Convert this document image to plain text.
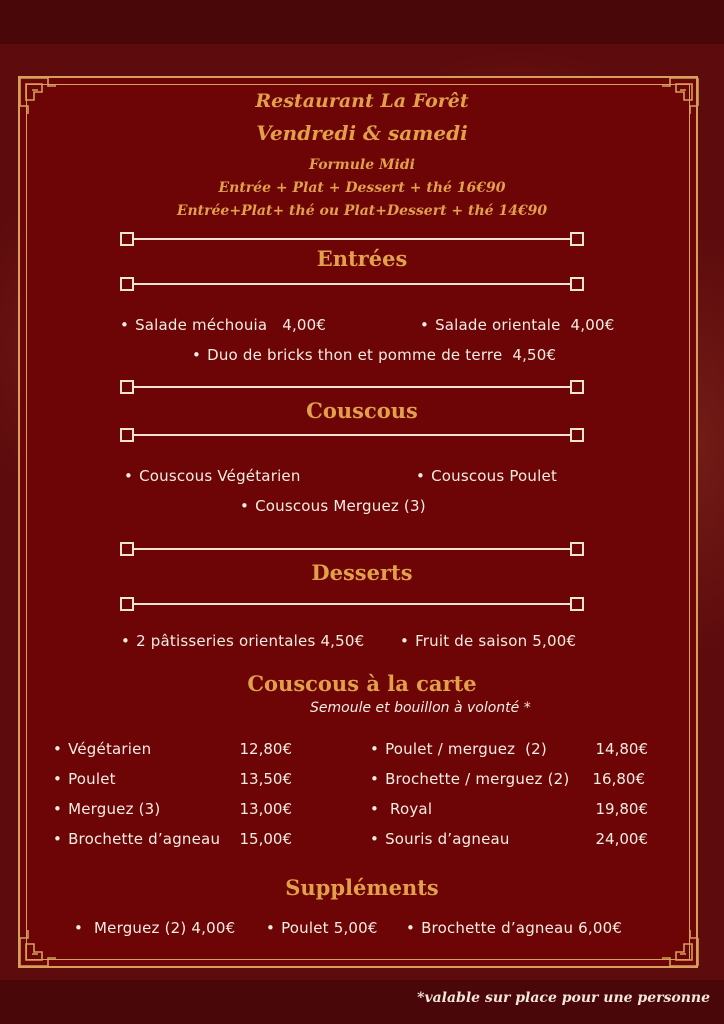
Restaurant La Forêt
Vendredi & samedi
Formule Midi
Entrée + Plat + Dessert + thé 16€90
Entrée+Plat+ thé ou Plat+Dessert + thé 14€90
Entrées
• Salade méchouia   4,00€	• Salade orientale  4,00€
• Duo de bricks thon et pomme de terre  4,50€
Couscous
• Couscous Végétarien	• Couscous Poulet
• Couscous Merguez (3)
Desserts
• 2 pâtisseries orientales 4,50€ • Fruit de saison 5,00€
Couscous à la carte
Semoule et bouillon à volonté *
• Végétarien	12,80€
• Poulet	13,50€
• Merguez (3)	13,00€
• Brochette d’agneau	15,00€
• Poulet / merguez  (2)	14,80€
• Brochette / merguez (2)	16,80€
• Royal	19,80€
• Souris d’agneau	24,00€
Suppléments
• Merguez (2) 4,00€ • Poulet 5,00€ • Brochette d’agneau 6,00€
*valable sur place pour une personne
